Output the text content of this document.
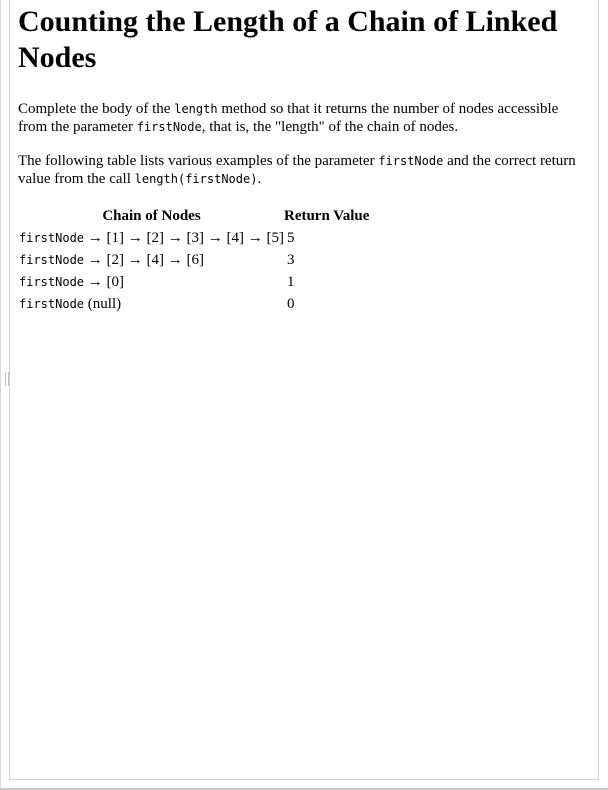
Counting the Length of a Chain of Linked Nodes

Complete the body of the length method so that it returns the number of nodes accessible from the parameter firstNode, that is, the "length" of the chain of nodes.

The following table lists various examples of the parameter firstNode and the correct return value from the call length(firstNode).

Chain of Nodes	Return Value
firstNode → [1] → [2] → [3] → [4] → [5]	5
firstNode → [2] → [4] → [6]	3
firstNode → [0]	1
firstNode (null)	0
